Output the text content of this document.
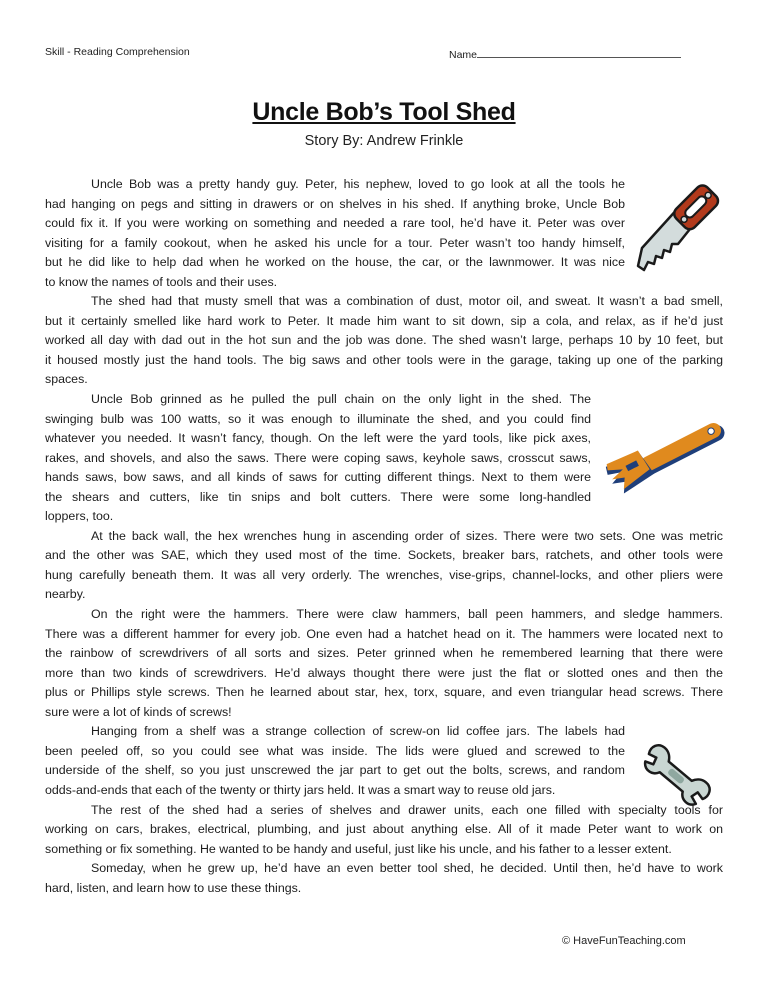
Skill - Reading Comprehension	Name
Uncle Bob’s Tool Shed
Story By: Andrew Frinkle
Uncle Bob was a pretty handy guy. Peter, his nephew, loved to go look at all the tools he
had hanging on pegs and sitting in drawers or on shelves in his shed. If anything broke, Uncle Bob
could fix it. If you were working on something and needed a rare tool, he’d have it. Peter was over
visiting for a family cookout, when he asked his uncle for a tour. Peter wasn’t too handy himself,
but he did like to help dad when he worked on the house, the car, or the lawnmower. It was nice
to know the names of tools and their uses.
The shed had that musty smell that was a combination of dust, motor oil, and sweat. It wasn’t a bad smell,
but it certainly smelled like hard work to Peter. It made him want to sit down, sip a cola, and relax, as if he’d just
worked all day with dad out in the hot sun and the job was done. The shed wasn’t large, perhaps 10 by 10 feet, but
it housed mostly just the hand tools. The big saws and other tools were in the garage, taking up one of the parking
spaces.
Uncle Bob grinned as he pulled the pull chain on the only light in the shed. The
swinging bulb was 100 watts, so it was enough to illuminate the shed, and you could find
whatever you needed. It wasn’t fancy, though. On the left were the yard tools, like pick axes,
rakes, and shovels, and also the saws. There were coping saws, keyhole saws, crosscut saws,
hands saws, bow saws, and all kinds of saws for cutting different things. Next to them were
the shears and cutters, like tin snips and bolt cutters. There were some long-handled
loppers, too.
At the back wall, the hex wrenches hung in ascending order of sizes. There were two sets. One was metric
and the other was SAE, which they used most of the time. Sockets, breaker bars, ratchets, and other tools were
hung carefully beneath them. It was all very orderly. The wrenches, vise-grips, channel-locks, and other pliers were
nearby.
On the right were the hammers. There were claw hammers, ball peen hammers, and sledge hammers.
There was a different hammer for every job. One even had a hatchet head on it. The hammers were located next to
the rainbow of screwdrivers of all sorts and sizes. Peter grinned when he remembered learning that there were
more than two kinds of screwdrivers. He’d always thought there were just the flat or slotted ones and then the
plus or Phillips style screws. Then he learned about star, hex, torx, square, and even triangular head screws. There
sure were a lot of kinds of screws!
Hanging from a shelf was a strange collection of screw-on lid coffee jars. The labels had
been peeled off, so you could see what was inside. The lids were glued and screwed to the
underside of the shelf, so you just unscrewed the jar part to get out the bolts, screws, and random
odds-and-ends that each of the twenty or thirty jars held. It was a smart way to reuse old jars.
The rest of the shed had a series of shelves and drawer units, each one filled with specialty tools for
working on cars, brakes, electrical, plumbing, and just about anything else. All of it made Peter want to work on
something or fix something. He wanted to be handy and useful, just like his uncle, and his father to a lesser extent.
Someday, when he grew up, he’d have an even better tool shed, he decided. Until then, he’d have to work
hard, listen, and learn how to use these things.
© HaveFunTeaching.com
